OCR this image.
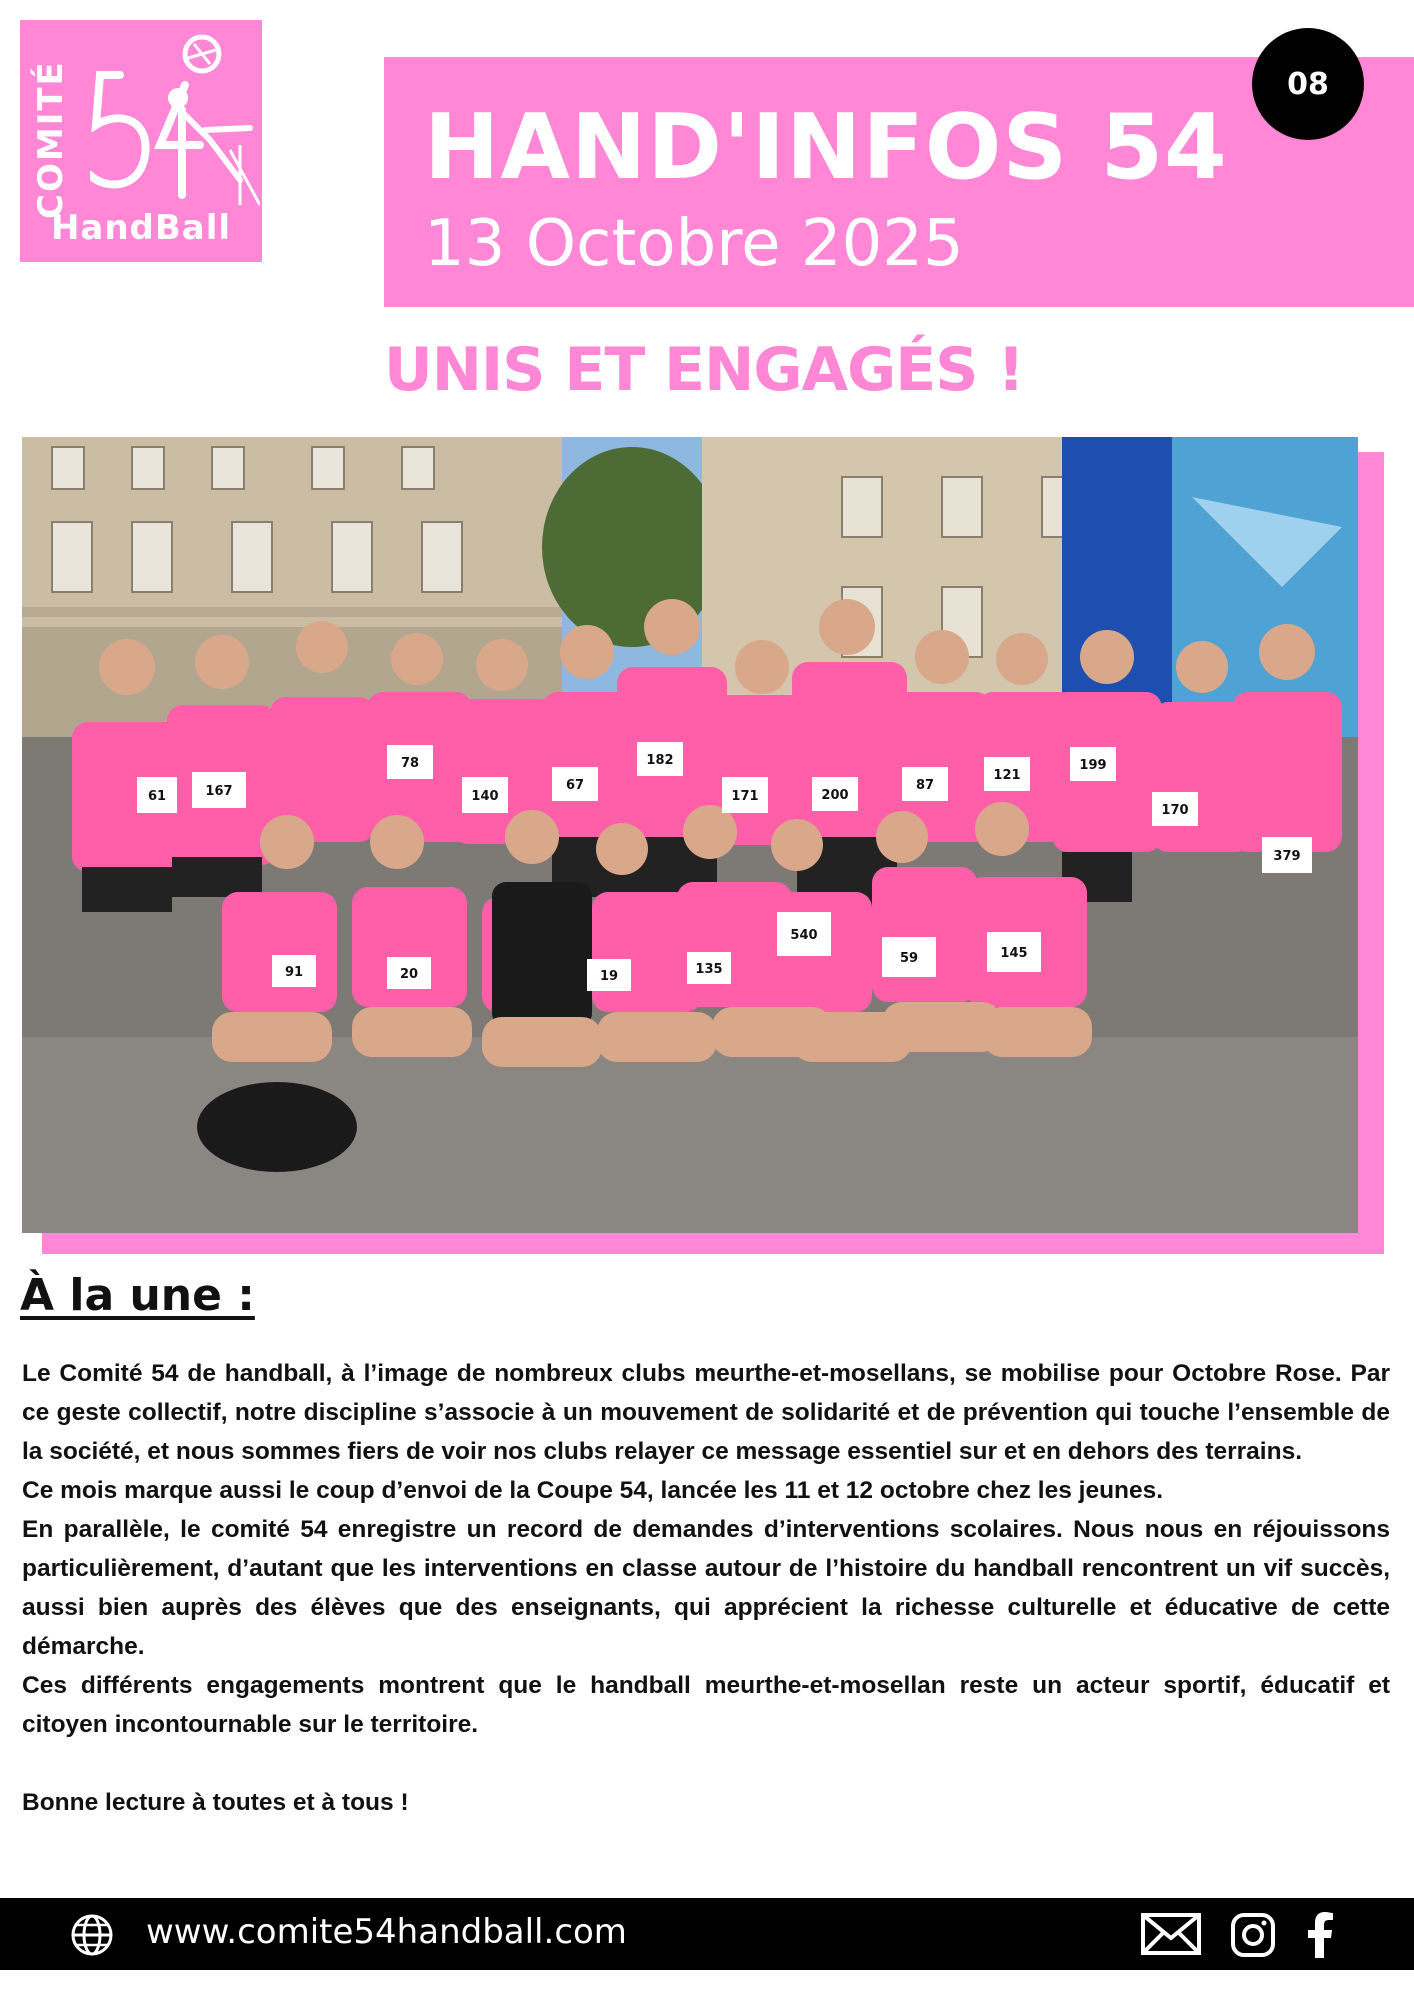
COMITÉ
HandBall
HAND'INFOS 54
13 Octobre 2025
08
UNIS ET ENGAGÉS !
61	167
78
140
67
182
171	200
87
121
199
170
379
91	20	19	135
540
59	145
À la une :

Le Comité 54 de handball, à l’image de nombreux clubs meurthe-et-mosellans, se mobilise pour Octobre Rose. Par ce geste collectif, notre discipline s’associe à un mouvement de solidarité et de prévention qui touche l’ensemble de la société, et nous sommes fiers de voir nos clubs relayer ce message essentiel sur et en dehors des terrains.

Ce mois marque aussi le coup d’envoi de la Coupe 54, lancée les 11 et 12 octobre chez les jeunes.

En parallèle, le comité 54 enregistre un record de demandes d’interventions scolaires. Nous nous en réjouissons particulièrement, d’autant que les interventions en classe autour de l’histoire du handball rencontrent un vif succès, aussi bien auprès des élèves que des enseignants, qui apprécient la richesse culturelle et éducative de cette démarche.

Ces différents engagements montrent que le handball meurthe-et-mosellan reste un acteur sportif, éducatif et citoyen incontournable sur le territoire.

Bonne lecture à toutes et à tous !

www.comite54handball.com
